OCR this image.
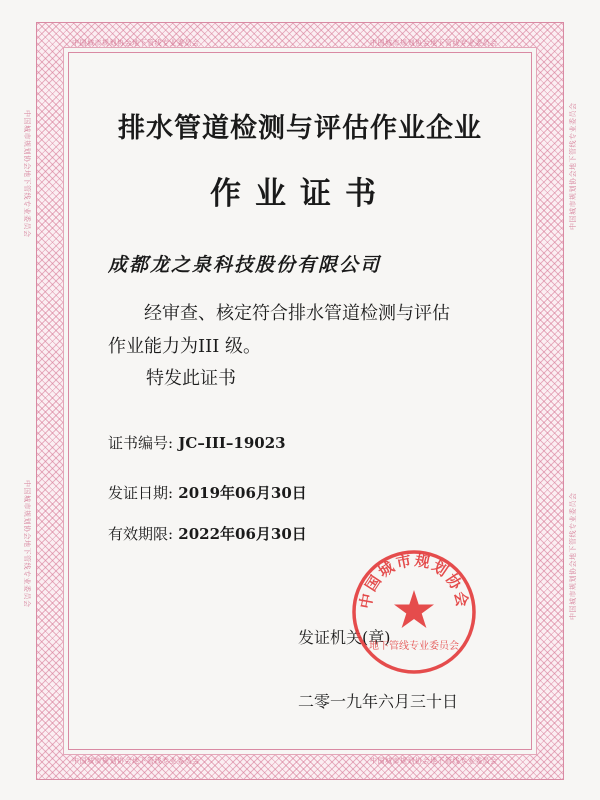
中国城市规划协会地下管线专业委员会	中国城市规划协会地下管线专业委员会
中国城市规划协会地下管线专业委员会	中国城市规划协会地下管线专业委员会
中国城市规划协会地下管线专业委员会
中国城市规划协会地下管线专业委员会
中国城市规划协会地下管线专业委员会
中国城市规划协会地下管线专业委员会
排水管道检测与评估作业企业
作业证书
成都龙之泉科技股份有限公司
经审查、核定符合排水管道检测与评估
作业能力为III 级。
特发此证书
证书编号: JC–III–19023
发证日期: 2019年06月30日
有效期限: 2022年06月30日
发证机关(章)
二零一九年六月三十日
中国城市规划协会
地下管线专业委员会
